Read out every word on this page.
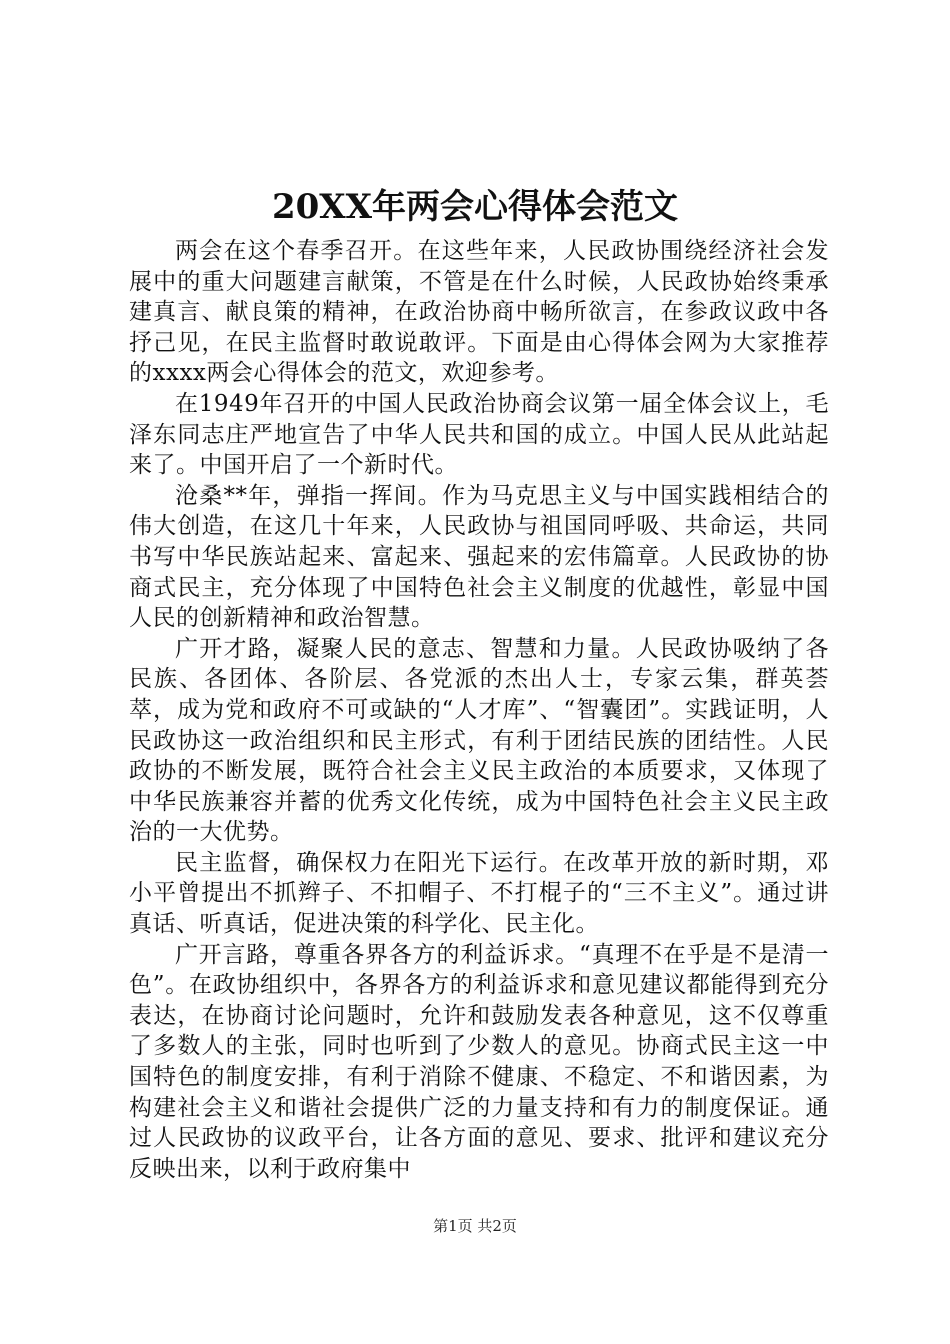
20XX年两会心得体会范文

两会在这个春季召开。在这些年来，人民政协围绕经济社会发展中的重大问题建言献策，不管是在什么时候，人民政协始终秉承建真言、献良策的精神，在政治协商中畅所欲言，在参政议政中各抒己见，在民主监督时敢说敢评。下面是由心得体会网为大家推荐的xxxx两会心得体会的范文，欢迎参考。

在1949年召开的中国人民政治协商会议第一届全体会议上，毛泽东同志庄严地宣告了中华人民共和国的成立。中国人民从此站起来了。中国开启了一个新时代。

沧桑**年，弹指一挥间。作为马克思主义与中国实践相结合的伟大创造，在这几十年来，人民政协与祖国同呼吸、共命运，共同书写中华民族站起来、富起来、强起来的宏伟篇章。人民政协的协商式民主，充分体现了中国特色社会主义制度的优越性，彰显中国人民的创新精神和政治智慧。

广开才路，凝聚人民的意志、智慧和力量。人民政协吸纳了各民族、各团体、各阶层、各党派的杰出人士，专家云集，群英荟萃，成为党和政府不可或缺的“人才库”、“智囊团”。实践证明，人民政协这一政治组织和民主形式，有利于团结民族的团结性。人民政协的不断发展，既符合社会主义民主政治的本质要求，又体现了中华民族兼容并蓄的优秀文化传统，成为中国特色社会主义民主政治的一大优势。

民主监督，确保权力在阳光下运行。在改革开放的新时期，邓小平曾提出不抓辫子、不扣帽子、不打棍子的“三不主义”。通过讲真话、听真话，促进决策的科学化、民主化。

广开言路，尊重各界各方的利益诉求。“真理不在乎是不是清一色”。在政协组织中，各界各方的利益诉求和意见建议都能得到充分表达，在协商讨论问题时，允许和鼓励发表各种意见，这不仅尊重了多数人的主张，同时也听到了少数人的意见。协商式民主这一中国特色的制度安排，有利于消除不健康、不稳定、不和谐因素，为构建社会主义和谐社会提供广泛的力量支持和有力的制度保证。通过人民政协的议政平台，让各方面的意见、要求、批评和建议充分反映出来，以利于政府集中

第1页 共2页
